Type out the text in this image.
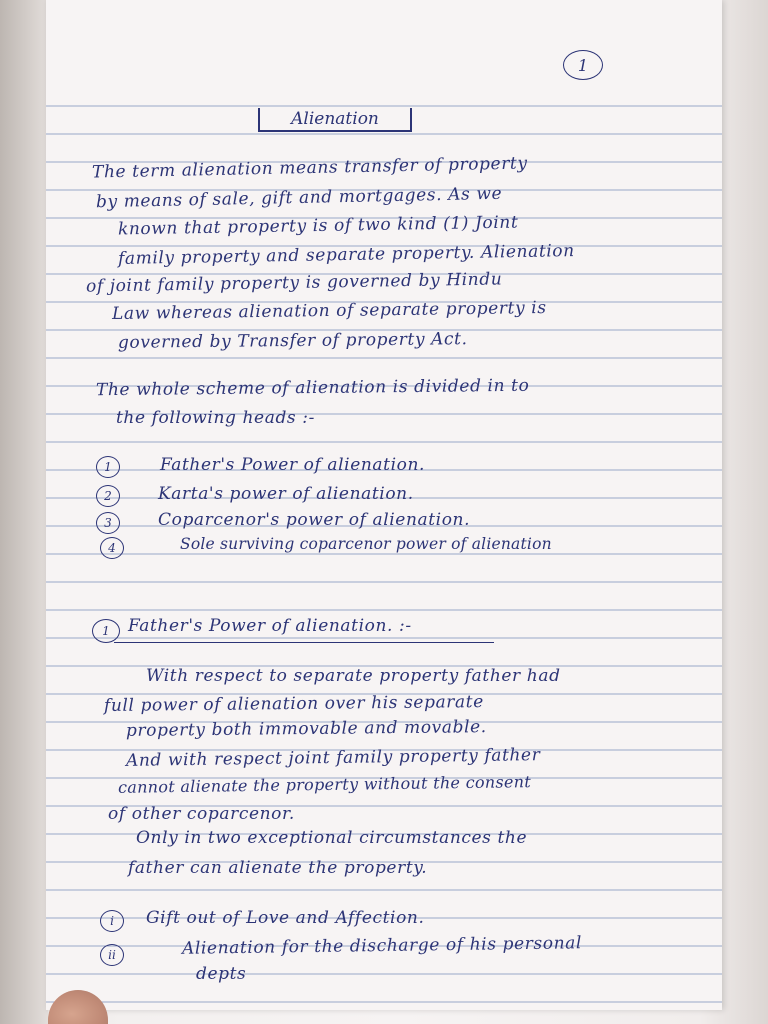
1
Alienation
The term alienation means transfer of property
by means of sale, gift and mortgages. As we
known that property is of two kind (1) Joint
family property and separate property. Alienation
of joint family property is governed by Hindu
Law whereas alienation of separate property is
governed by Transfer of property Act.
The whole scheme of alienation is divided in to
the following heads :-
1	Father's Power of alienation.
2	Karta's power of alienation.
3	Coparcenor's power of alienation.
4	Sole surviving coparcenor power of alienation
1 Father's Power of alienation. :-
With respect to separate property father had
full power of alienation over his separate
property both immovable and movable.
And with respect joint family property father
cannot alienate the property without the consent
of other coparcenor.
Only in two exceptional circumstances the
father can alienate the property.
i Gift out of Love and Affection.
ii	Alienation for the discharge of his personal
depts
